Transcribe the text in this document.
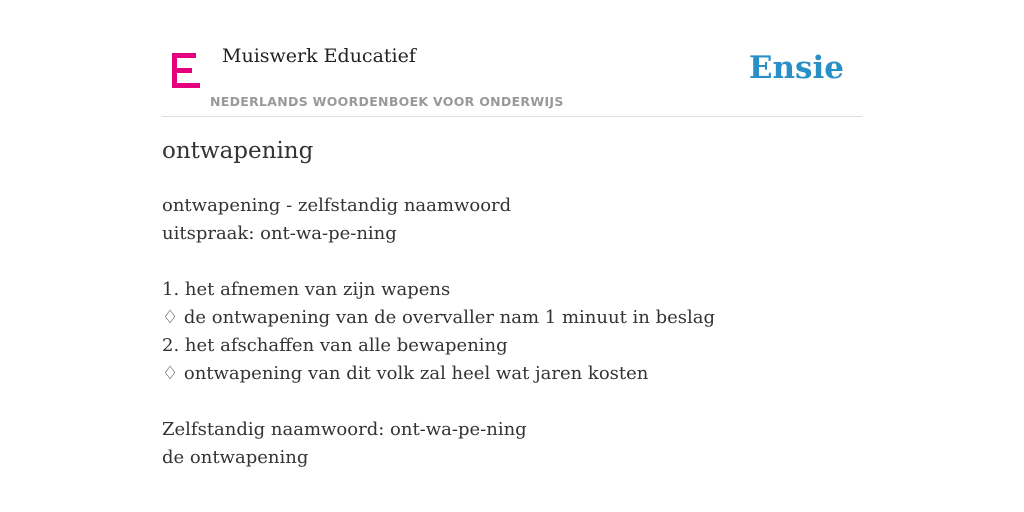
Muiswerk Educatief
NEDERLANDS WOORDENBOEK VOOR ONDERWIJS
Ensie
ontwapening
ontwapening - zelfstandig naamwoord
uitspraak: ont-wa-pe-ning
1. het afnemen van zijn wapens
♢ de ontwapening van de overvaller nam 1 minuut in beslag
2. het afschaffen van alle bewapening
♢ ontwapening van dit volk zal heel wat jaren kosten
Zelfstandig naamwoord: ont-wa-pe-ning
de ontwapening
